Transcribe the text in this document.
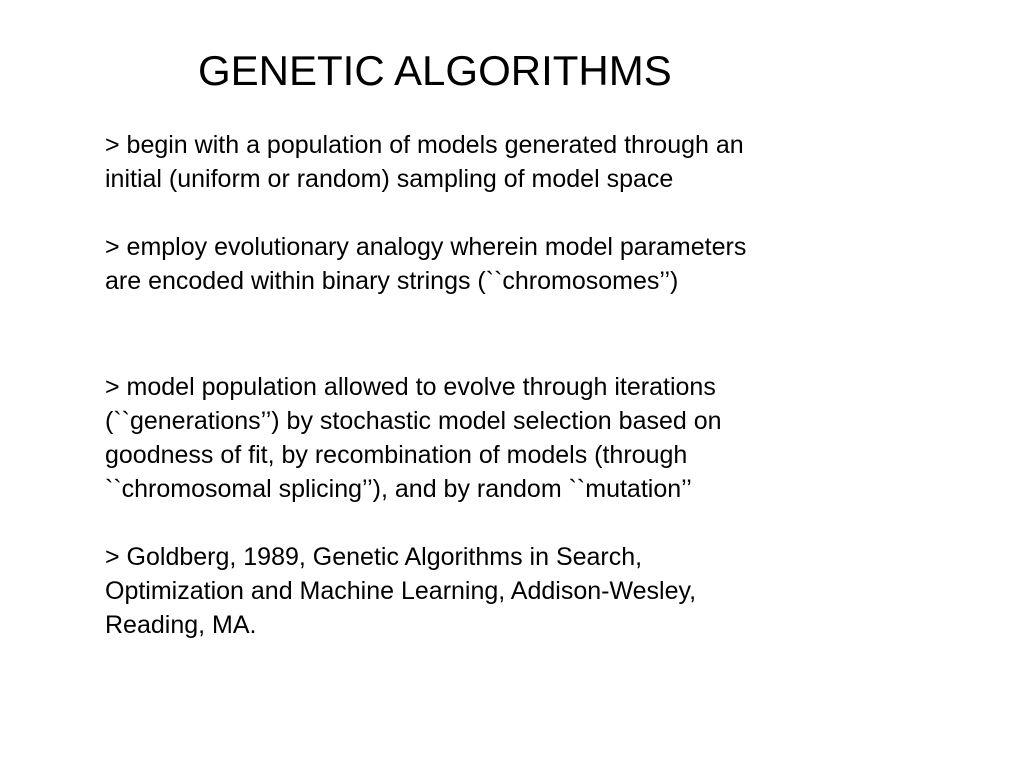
GENETIC ALGORITHMS

> begin with a population of models generated through an
initial (uniform or random) sampling of model space

> employ evolutionary analogy wherein model parameters
are encoded within binary strings (``chromosomes’’)

> model population allowed to evolve through iterations
(``generations’’) by stochastic model selection based on
goodness of fit, by recombination of models (through
``chromosomal splicing’’), and by random ``mutation’’

> Goldberg, 1989, Genetic Algorithms in Search,
Optimization and Machine Learning, Addison-Wesley,
Reading, MA.
